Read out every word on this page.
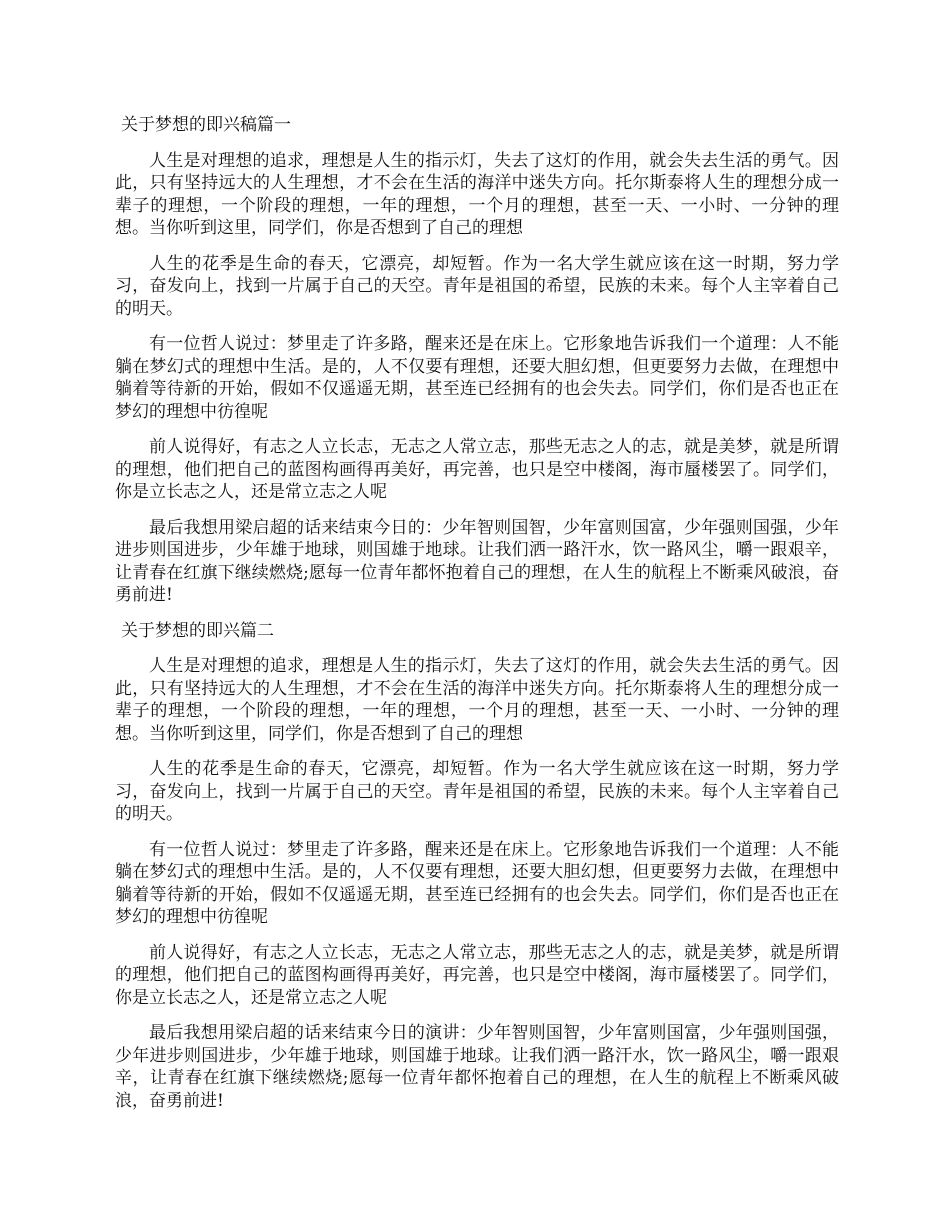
关于梦想的即兴稿篇一

人生是对理想的追求，理想是人生的指示灯，失去了这灯的作用，就会失去生活的勇气。因此，只有坚持远大的人生理想，才不会在生活的海洋中迷失方向。托尔斯泰将人生的理想分成一辈子的理想，一个阶段的理想，一年的理想，一个月的理想，甚至一天、一小时、一分钟的理想。当你听到这里，同学们，你是否想到了自己的理想

人生的花季是生命的春天，它漂亮，却短暂。作为一名大学生就应该在这一时期，努力学习，奋发向上，找到一片属于自己的天空。青年是祖国的希望，民族的未来。每个人主宰着自己的明天。

有一位哲人说过：梦里走了许多路，醒来还是在床上。它形象地告诉我们一个道理：人不能躺在梦幻式的理想中生活。是的，人不仅要有理想，还要大胆幻想，但更要努力去做，在理想中躺着等待新的开始，假如不仅遥遥无期，甚至连已经拥有的也会失去。同学们，你们是否也正在梦幻的理想中彷徨呢

前人说得好，有志之人立长志，无志之人常立志，那些无志之人的志，就是美梦，就是所谓的理想，他们把自己的蓝图构画得再美好，再完善，也只是空中楼阁，海市蜃楼罢了。同学们，你是立长志之人，还是常立志之人呢

最后我想用梁启超的话来结束今日的：少年智则国智，少年富则国富，少年强则国强，少年进步则国进步，少年雄于地球，则国雄于地球。让我们洒一路汗水，饮一路风尘，嚼一跟艰辛，让青春在红旗下继续燃烧;愿每一位青年都怀抱着自己的理想，在人生的航程上不断乘风破浪，奋勇前进!

关于梦想的即兴篇二

人生是对理想的追求，理想是人生的指示灯，失去了这灯的作用，就会失去生活的勇气。因此，只有坚持远大的人生理想，才不会在生活的海洋中迷失方向。托尔斯泰将人生的理想分成一辈子的理想，一个阶段的理想，一年的理想，一个月的理想，甚至一天、一小时、一分钟的理想。当你听到这里，同学们，你是否想到了自己的理想

人生的花季是生命的春天，它漂亮，却短暂。作为一名大学生就应该在这一时期，努力学习，奋发向上，找到一片属于自己的天空。青年是祖国的希望，民族的未来。每个人主宰着自己的明天。

有一位哲人说过：梦里走了许多路，醒来还是在床上。它形象地告诉我们一个道理：人不能躺在梦幻式的理想中生活。是的，人不仅要有理想，还要大胆幻想，但更要努力去做，在理想中躺着等待新的开始，假如不仅遥遥无期，甚至连已经拥有的也会失去。同学们，你们是否也正在梦幻的理想中彷徨呢

前人说得好，有志之人立长志，无志之人常立志，那些无志之人的志，就是美梦，就是所谓的理想，他们把自己的蓝图构画得再美好，再完善，也只是空中楼阁，海市蜃楼罢了。同学们，你是立长志之人，还是常立志之人呢

最后我想用梁启超的话来结束今日的演讲：少年智则国智，少年富则国富，少年强则国强，少年进步则国进步，少年雄于地球，则国雄于地球。让我们洒一路汗水，饮一路风尘，嚼一跟艰辛，让青春在红旗下继续燃烧;愿每一位青年都怀抱着自己的理想，在人生的航程上不断乘风破浪，奋勇前进!
